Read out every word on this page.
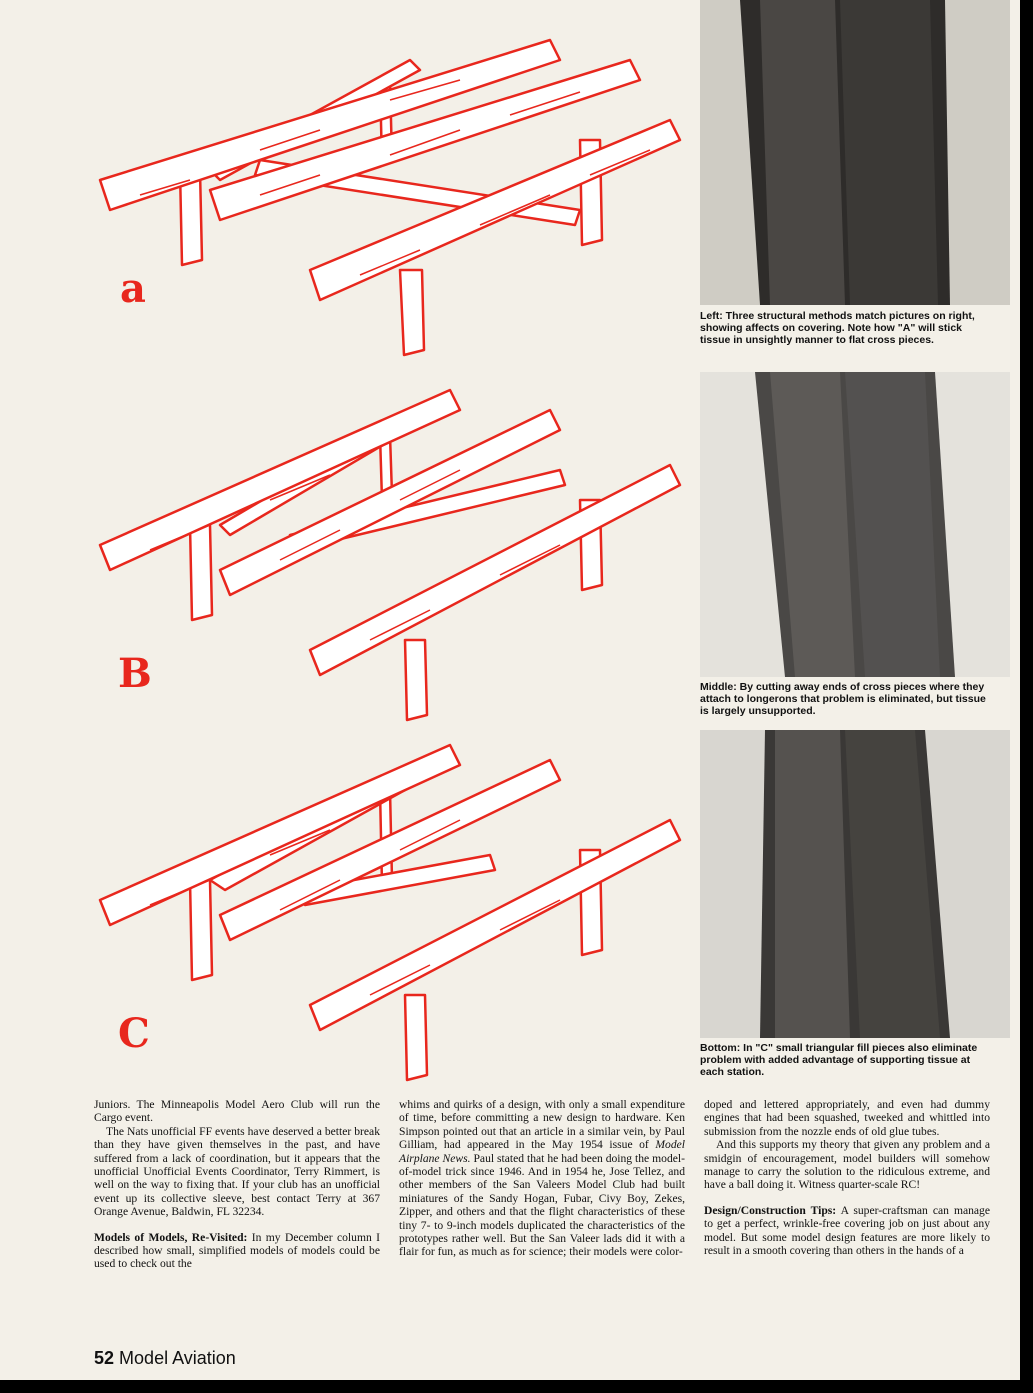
a
B
C
Left: Three structural methods match pictures on right, showing affects on covering. Note how "A" will stick tissue in unsightly manner to flat cross pieces.
Middle: By cutting away ends of cross pieces where they attach to longerons that problem is eliminated, but tissue is largely unsupported.
Bottom: In "C" small triangular fill pieces also eliminate problem with added advantage of supporting tissue at each station.

Juniors. The Minneapolis Model Aero Club will run the Cargo event.

The Nats unofficial FF events have deserved a better break than they have given themselves in the past, and have suffered from a lack of coordination, but it appears that the unofficial Unofficial Events Coordinator, Terry Rimmert, is well on the way to fixing that. If your club has an unofficial event up its collective sleeve, best contact Terry at 367 Orange Avenue, Baldwin, FL 32234.

Models of Models, Re-Visited: In my December column I described how small, simplified models of models could be used to check out the

whims and quirks of a design, with only a small expenditure of time, before committing a new design to hardware. Ken Simpson pointed out that an article in a similar vein, by Paul Gilliam, had appeared in the May 1954 issue of Model Airplane News. Paul stated that he had been doing the model-of-model trick since 1946. And in 1954 he, Jose Tellez, and other members of the San Valeers Model Club had built miniatures of the Sandy Hogan, Fubar, Civy Boy, Zekes, Zipper, and others and that the flight characteristics of these tiny 7- to 9-inch models duplicated the characteristics of the prototypes rather well. But the San Valeer lads did it with a flair for fun, as much as for science; their models were color-

doped and lettered appropriately, and even had dummy engines that had been squashed, tweeked and whittled into submission from the nozzle ends of old glue tubes.

And this supports my theory that given any problem and a smidgin of encouragement, model builders will somehow manage to carry the solution to the ridiculous extreme, and have a ball doing it. Witness quarter-scale RC!

Design/Construction Tips: A super-craftsman can manage to get a perfect, wrinkle-free covering job on just about any model. But some model design features are more likely to result in a smooth covering than others in the hands of a

52 Model Aviation
